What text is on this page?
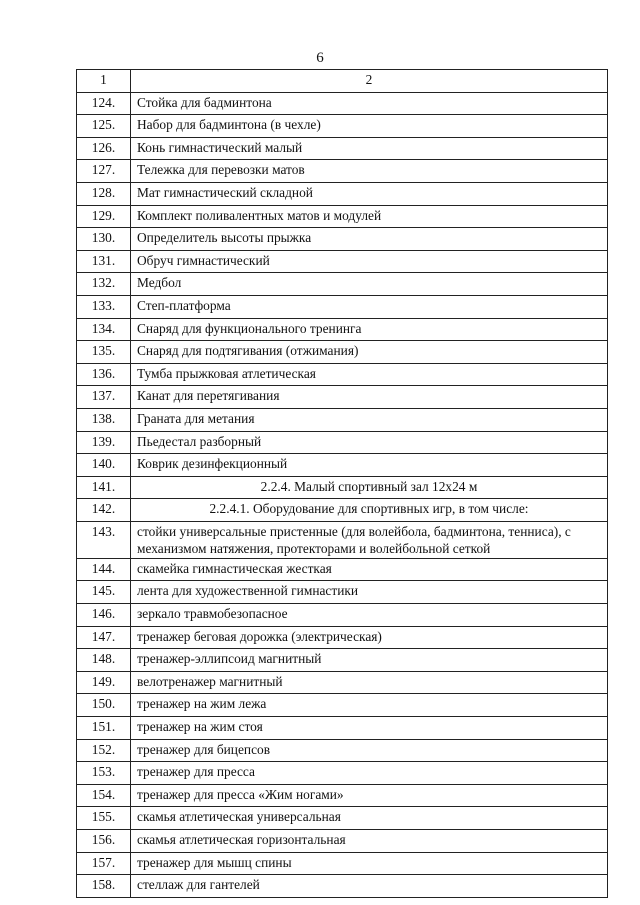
6
1	2
124.	Стойка для бадминтона
125.	Набор для бадминтона (в чехле)
126.	Конь гимнастический малый
127.	Тележка для перевозки матов
128.	Мат гимнастический складной
129.	Комплект поливалентных матов и модулей
130.	Определитель высоты прыжка
131.	Обруч гимнастический
132.	Медбол
133.	Степ-платформа
134.	Снаряд для функционального тренинга
135.	Снаряд для подтягивания (отжимания)
136.	Тумба прыжковая атлетическая
137.	Канат для перетягивания
138.	Граната для метания
139.	Пьедестал разборный
140.	Коврик дезинфекционный
141.	2.2.4. Малый спортивный зал 12х24 м
142.	2.2.4.1. Оборудование для спортивных игр, в том числе:
143.	стойки универсальные пристенные (для волейбола, бадминтона, тенниса), с механизмом натяжения, протекторами и волейбольной сеткой
144.	скамейка гимнастическая жесткая
145.	лента для художественной гимнастики
146.	зеркало травмобезопасное
147.	тренажер беговая дорожка (электрическая)
148.	тренажер-эллипсоид магнитный
149.	велотренажер магнитный
150.	тренажер на жим лежа
151.	тренажер на жим стоя
152.	тренажер для бицепсов
153.	тренажер для пресса
154.	тренажер для пресса «Жим ногами»
155.	скамья атлетическая универсальная
156.	скамья атлетическая горизонтальная
157.	тренажер для мышц спины
158.	стеллаж для гантелей
